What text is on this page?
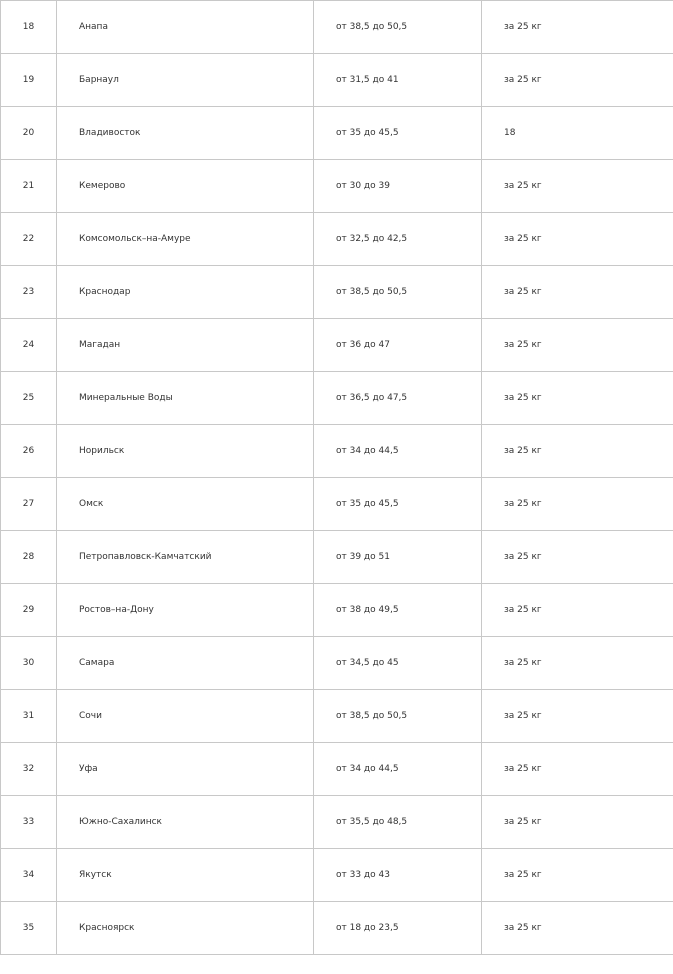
18	Анапа	от 38,5 до 50,5	за 25 кг
19	Барнаул	от 31,5 до 41	за 25 кг
20	Владивосток	от 35 до 45,5	18
21	Кемерово	от 30 до 39	за 25 кг
22	Комсомольск–на-Амуре	от 32,5 до 42,5	за 25 кг
23	Краснодар	от 38,5 до 50,5	за 25 кг
24	Магадан	от 36 до 47	за 25 кг
25	Минеральные Воды	от 36,5 до 47,5	за 25 кг
26	Норильск	от 34 до 44,5	за 25 кг
27	Омск	от 35 до 45,5	за 25 кг
28	Петропавловск-Камчатский	от 39 до 51	за 25 кг
29	Ростов–на-Дону	от 38 до 49,5	за 25 кг
30	Самара	от 34,5 до 45	за 25 кг
31	Сочи	от 38,5 до 50,5	за 25 кг
32	Уфа	от 34 до 44,5	за 25 кг
33	Южно-Сахалинск	от 35,5 до 48,5	за 25 кг
34	Якутск	от 33 до 43	за 25 кг
35	Красноярск	от 18 до 23,5	за 25 кг
